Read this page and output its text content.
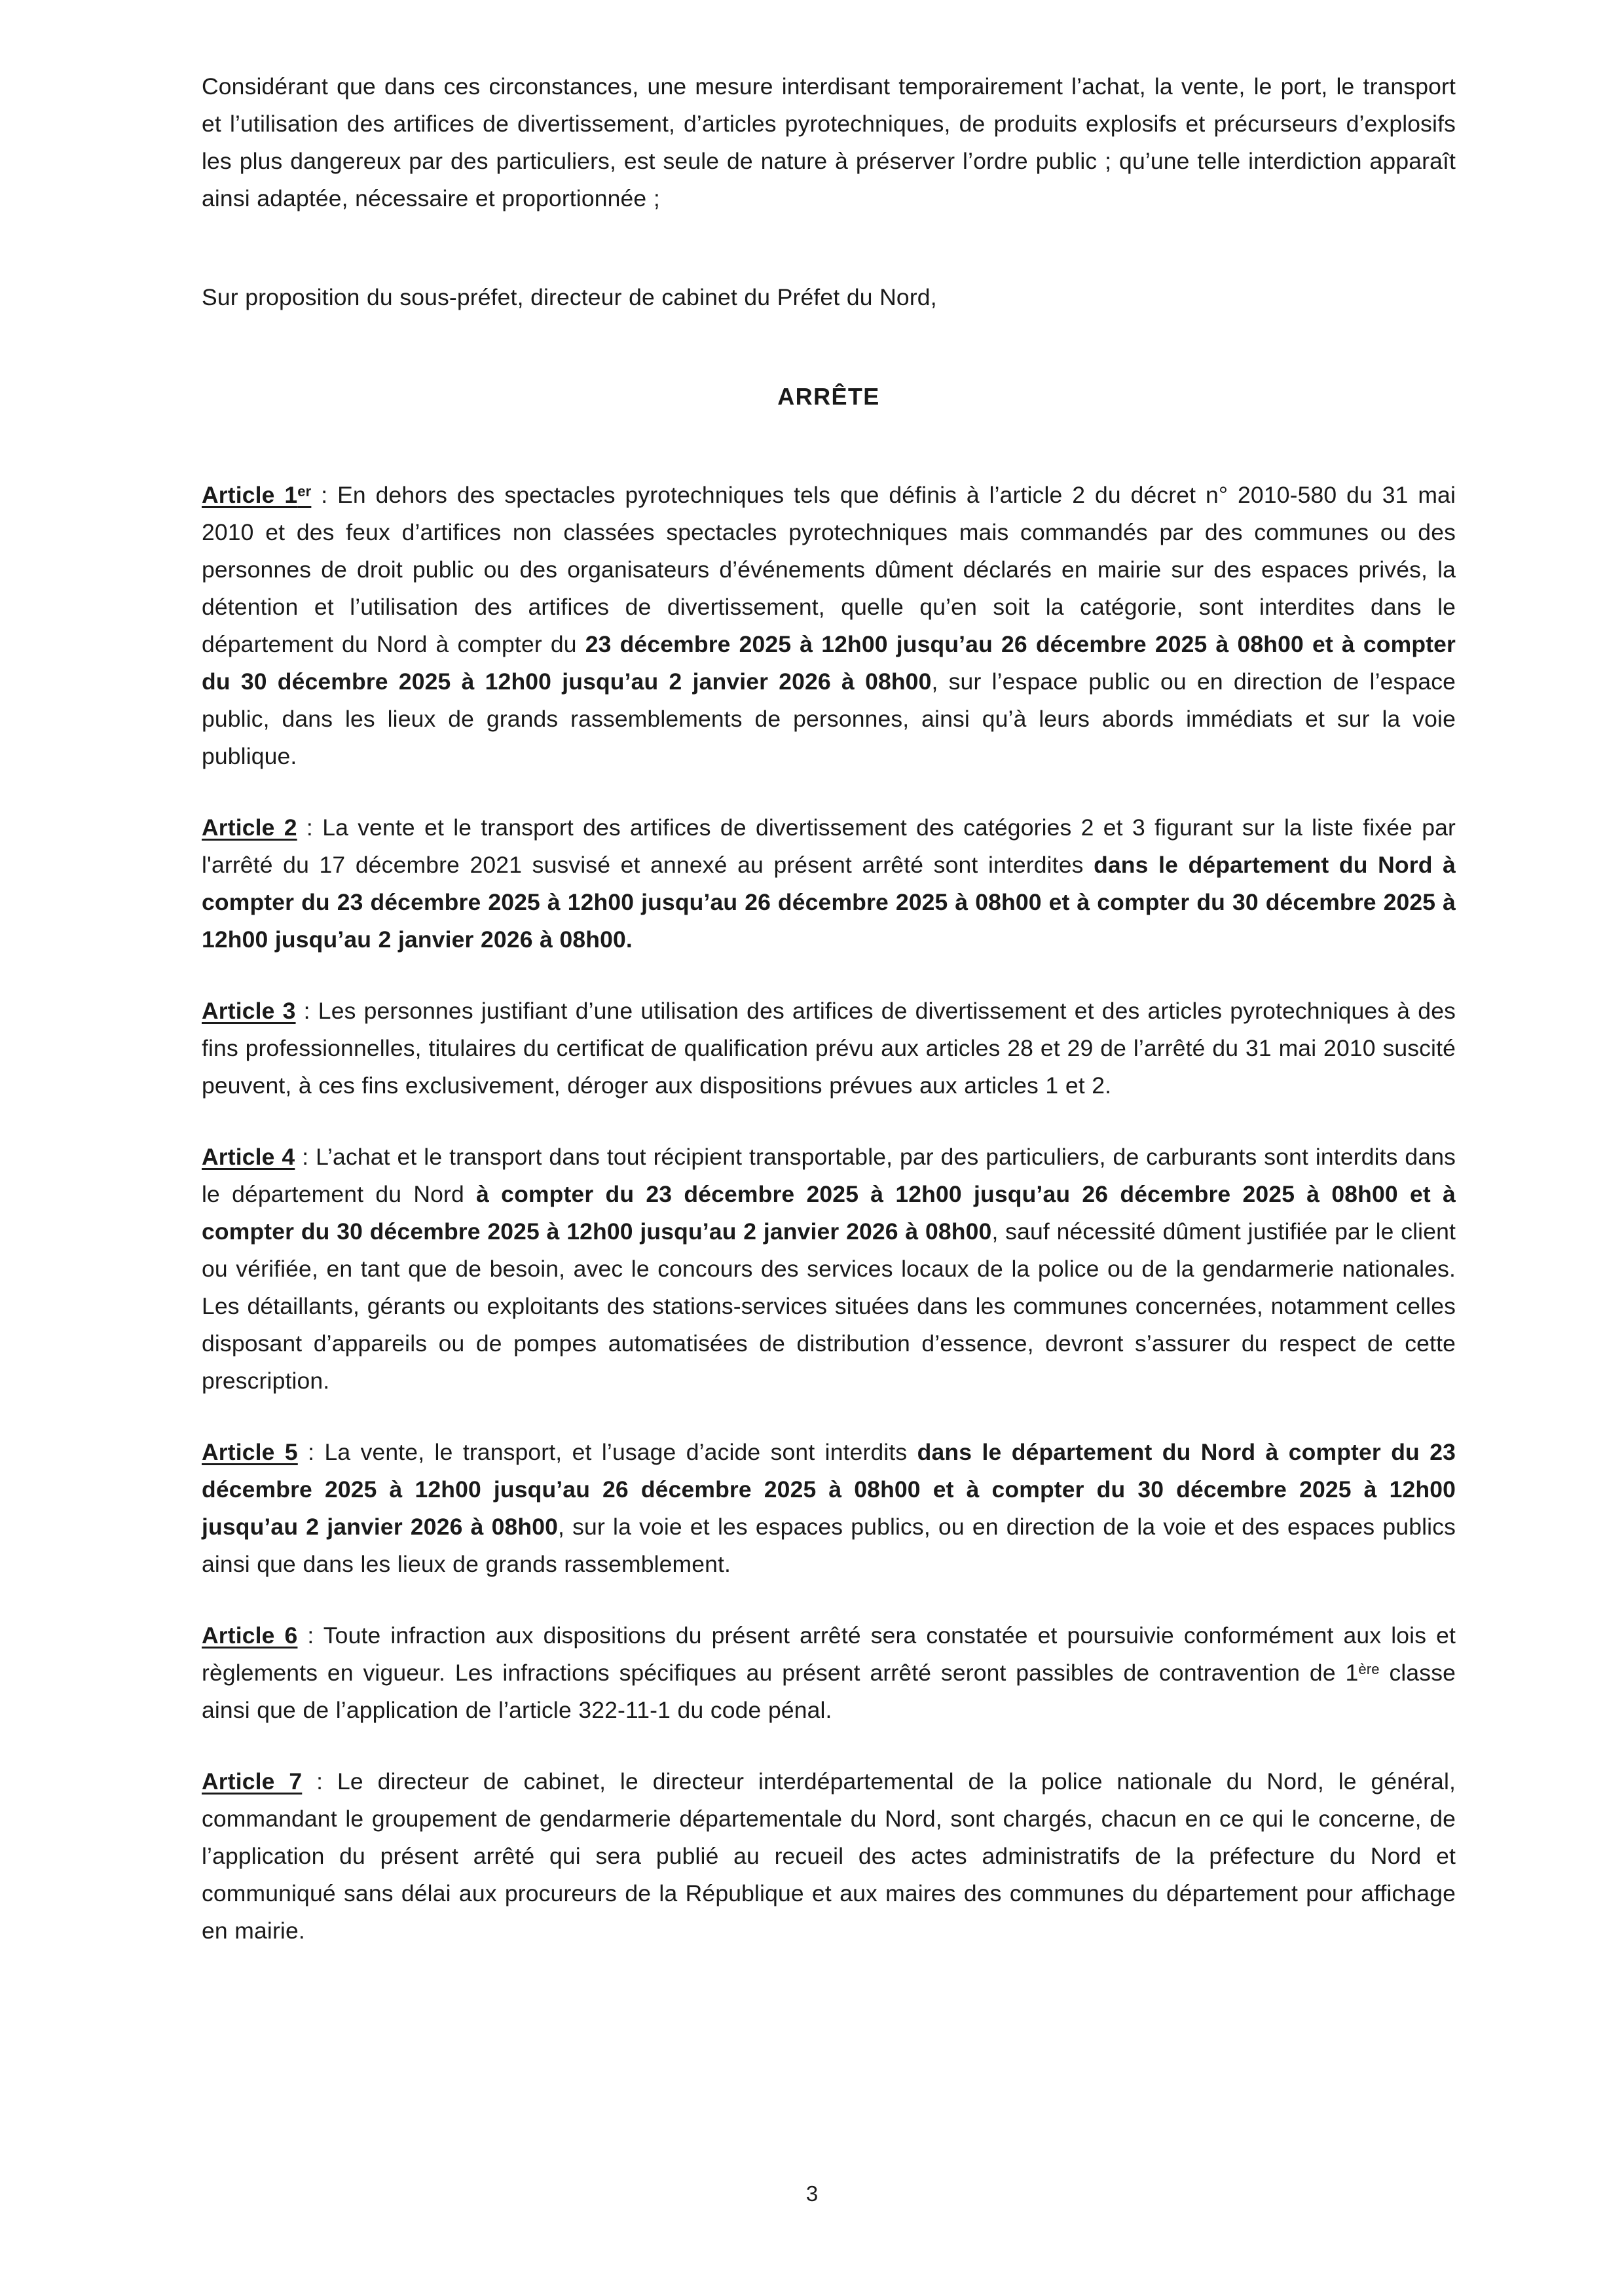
Considérant que dans ces circonstances, une mesure interdisant temporairement l’achat, la vente, le port, le transport et l’utilisation des artifices de divertissement, d’articles pyrotechniques, de produits explosifs et précurseurs d’explosifs les plus dangereux par des particuliers, est seule de nature à préserver l’ordre public ; qu’une telle interdiction apparaît ainsi adaptée, nécessaire et proportionnée ;

Sur proposition du sous-préfet, directeur de cabinet du Préfet du Nord,

ARRÊTE

Article 1er : En dehors des spectacles pyrotechniques tels que définis à l’article 2 du décret n° 2010-580 du 31 mai 2010 et des feux d’artifices non classées spectacles pyrotechniques mais commandés par des communes ou des personnes de droit public ou des organisateurs d’événements dûment déclarés en mairie sur des espaces privés, la détention et l’utilisation des artifices de divertissement, quelle qu’en soit la catégorie, sont interdites dans le département du Nord à compter du 23 décembre 2025 à 12h00 jusqu’au 26 décembre 2025 à 08h00 et à compter du 30 décembre 2025 à 12h00 jusqu’au 2 janvier 2026 à 08h00, sur l’espace public ou en direction de l’espace public, dans les lieux de grands rassemblements de personnes, ainsi qu’à leurs abords immédiats et sur la voie publique.

Article 2 : La vente et le transport des artifices de divertissement des catégories 2 et 3 figurant sur la liste fixée par l'arrêté du 17 décembre 2021 susvisé et annexé au présent arrêté sont interdites dans le département du Nord à compter du 23 décembre 2025 à 12h00 jusqu’au 26 décembre 2025 à 08h00 et à compter du 30 décembre 2025 à 12h00 jusqu’au 2 janvier 2026 à 08h00.

Article 3 : Les personnes justifiant d’une utilisation des artifices de divertissement et des articles pyrotechniques à des fins professionnelles, titulaires du certificat de qualification prévu aux articles 28 et 29 de l’arrêté du 31 mai 2010 suscité peuvent, à ces fins exclusivement, déroger aux dispositions prévues aux articles 1 et 2.

Article 4 : L’achat et le transport dans tout récipient transportable, par des particuliers, de carburants sont interdits dans le département du Nord à compter du 23 décembre 2025 à 12h00 jusqu’au 26 décembre 2025 à 08h00 et à compter du 30 décembre 2025 à 12h00 jusqu’au 2 janvier 2026 à 08h00, sauf nécessité dûment justifiée par le client ou vérifiée, en tant que de besoin, avec le concours des services locaux de la police ou de la gendarmerie nationales. Les détaillants, gérants ou exploitants des stations-services situées dans les communes concernées, notamment celles disposant d’appareils ou de pompes automatisées de distribution d’essence, devront s’assurer du respect de cette prescription.

Article 5 : La vente, le transport, et l’usage d’acide sont interdits dans le département du Nord à compter du 23 décembre 2025 à 12h00 jusqu’au 26 décembre 2025 à 08h00 et à compter du 30 décembre 2025 à 12h00 jusqu’au 2 janvier 2026 à 08h00, sur la voie et les espaces publics, ou en direction de la voie et des espaces publics ainsi que dans les lieux de grands rassemblement.

Article 6 : Toute infraction aux dispositions du présent arrêté sera constatée et poursuivie conformément aux lois et règlements en vigueur. Les infractions spécifiques au présent arrêté seront passibles de contravention de 1ère classe ainsi que de l’application de l’article 322-11-1 du code pénal.

Article 7 : Le directeur de cabinet, le directeur interdépartemental de la police nationale du Nord, le général, commandant le groupement de gendarmerie départementale du Nord, sont chargés, chacun en ce qui le concerne, de l’application du présent arrêté qui sera publié au recueil des actes administratifs de la préfecture du Nord et communiqué sans délai aux procureurs de la République et aux maires des communes du département pour affichage en mairie.

3
